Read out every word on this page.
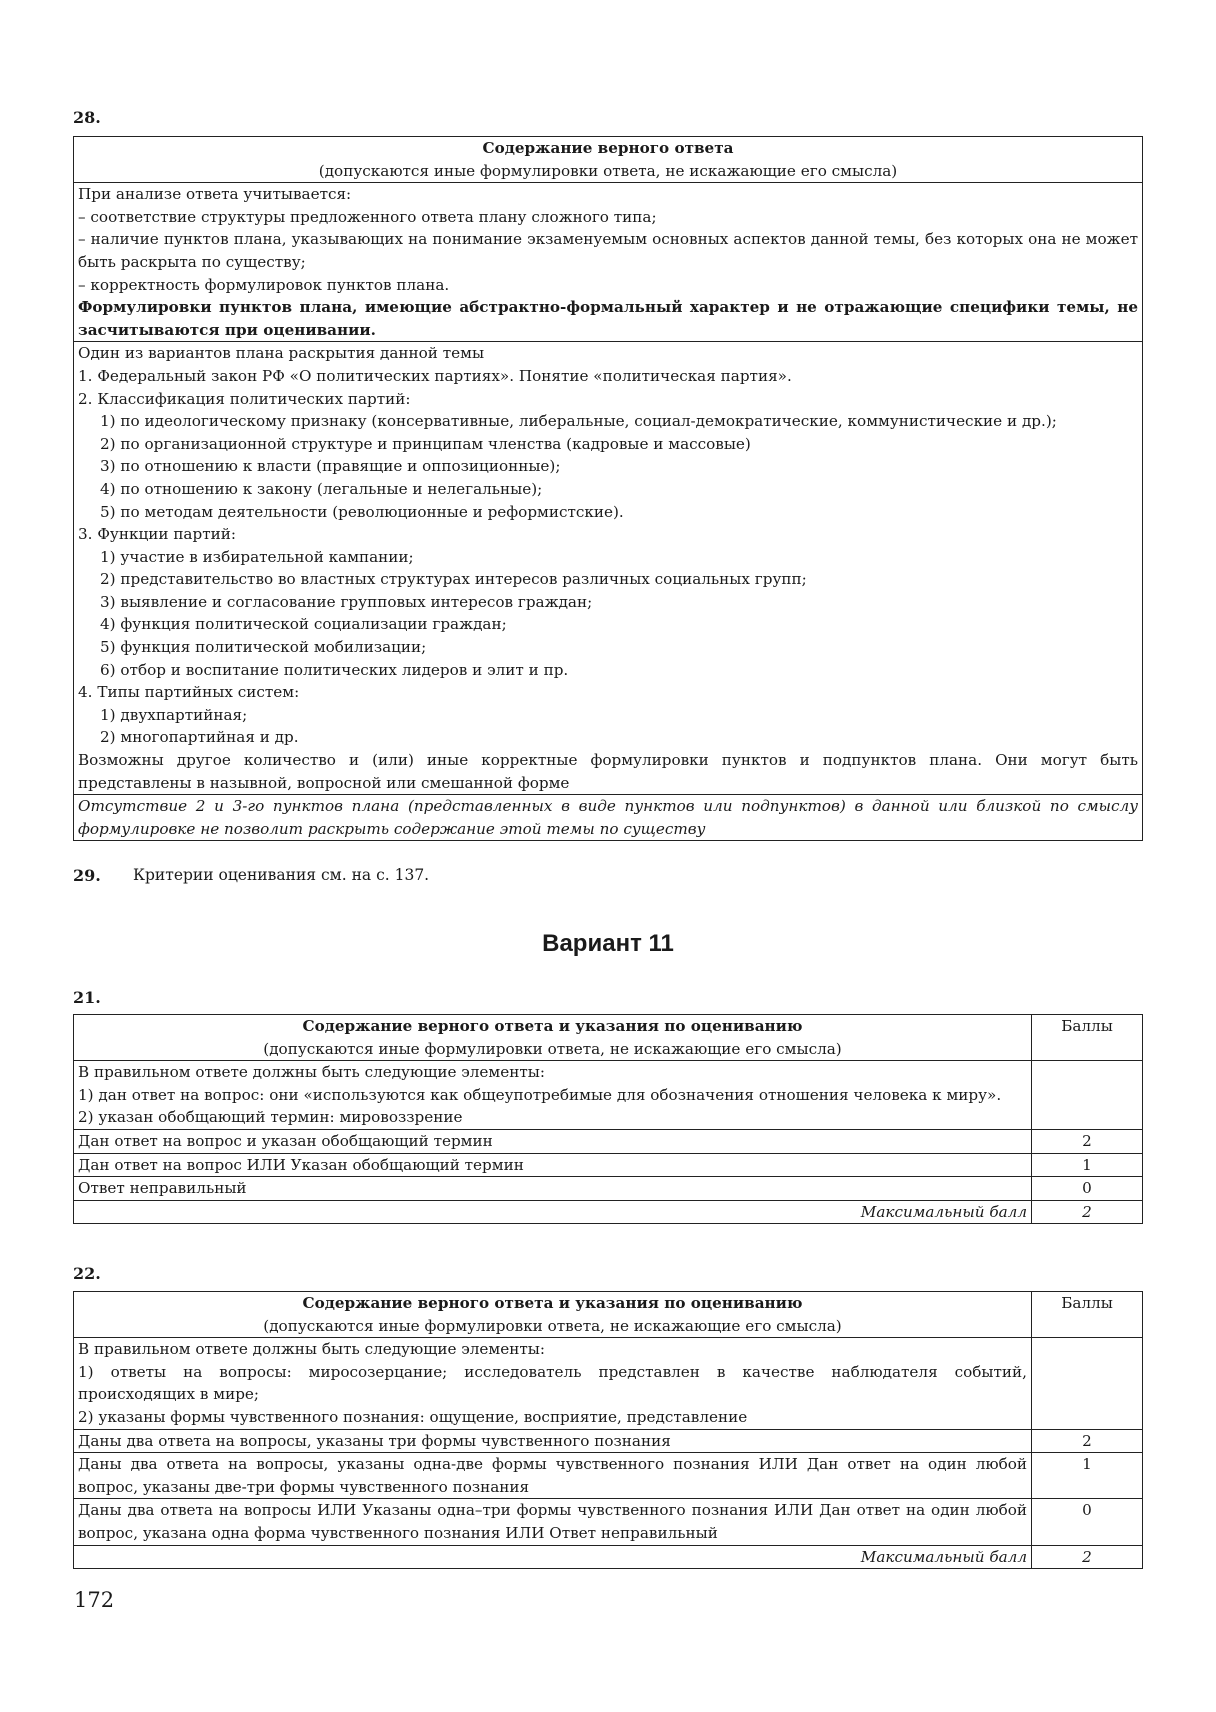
28.
Содержание верного ответа
(допускаются иные формулировки ответа, не искажающие его смысла)

При анализе ответа учитывается:
– соответствие структуры предложенного ответа плану сложного типа;
– наличие пунктов плана, указывающих на понимание экзаменуемым основных аспектов данной темы, без которых она не может быть раскрыта по существу;
– корректность формулировок пунктов плана.
Формулировки пунктов плана, имеющие абстрактно-формальный характер и не отражающие специфики темы, не засчитываются при оценивании.

Один из вариантов плана раскрытия данной темы
1. Федеральный закон РФ «О политических партиях». Понятие «политическая партия».
2. Классификация политических партий:
1) по идеологическому признаку (консервативные, либеральные, социал-демократические, коммунистические и др.);
2) по организационной структуре и принципам членства (кадровые и массовые)
3) по отношению к власти (правящие и оппозиционные);
4) по отношению к закону (легальные и нелегальные);
5) по методам деятельности (революционные и реформистские).
3. Функции партий:
1) участие в избирательной кампании;
2) представительство во властных структурах интересов различных социальных групп;
3) выявление и согласование групповых интересов граждан;
4) функция политической социализации граждан;
5) функция политической мобилизации;
6) отбор и воспитание политических лидеров и элит и пр.
4. Типы партийных систем:
1) двухпартийная;
2) многопартийная и др.
Возможны другое количество и (или) иные корректные формулировки пунктов и подпунктов плана. Они могут быть представлены в назывной, вопросной или смешанной форме

Отсутствие 2 и 3-го пунктов плана (представленных в виде пунктов или подпунктов) в данной или близкой по смыслу формулировке не позволит раскрыть содержание этой темы по существу
29. Критерии оценивания см. на с. 137.
Вариант 11
21.
Содержание верного ответа и указания по оцениванию
(допускаются иные формулировки ответа, не искажающие его смысла)	Баллы

В правильном ответе должны быть следующие элементы:
1) дан ответ на вопрос: они «используются как общеупотребимые для обозначения отношения человека к миру».
2) указан обобщающий термин: мировоззрение	

Дан ответ на вопрос и указан обобщающий термин	2
Дан ответ на вопрос ИЛИ Указан обобщающий термин	1
Ответ неправильный	0
Максимальный балл	2
22.
Содержание верного ответа и указания по оцениванию
(допускаются иные формулировки ответа, не искажающие его смысла)	Баллы

В правильном ответе должны быть следующие элементы:
1) ответы на вопросы: миросозерцание; исследователь представлен в качестве наблюдателя событий, происходящих в мире;
2) указаны формы чувственного познания: ощущение, восприятие, представление	

Даны два ответа на вопросы, указаны три формы чувственного познания	2
Даны два ответа на вопросы, указаны одна-две формы чувственного познания ИЛИ Дан ответ на один любой вопрос, указаны две-три формы чувственного познания	1
Даны два ответа на вопросы ИЛИ Указаны одна–три формы чувственного познания ИЛИ Дан ответ на один любой вопрос, указана одна форма чувственного познания ИЛИ Ответ неправильный	0
Максимальный балл	2
172
